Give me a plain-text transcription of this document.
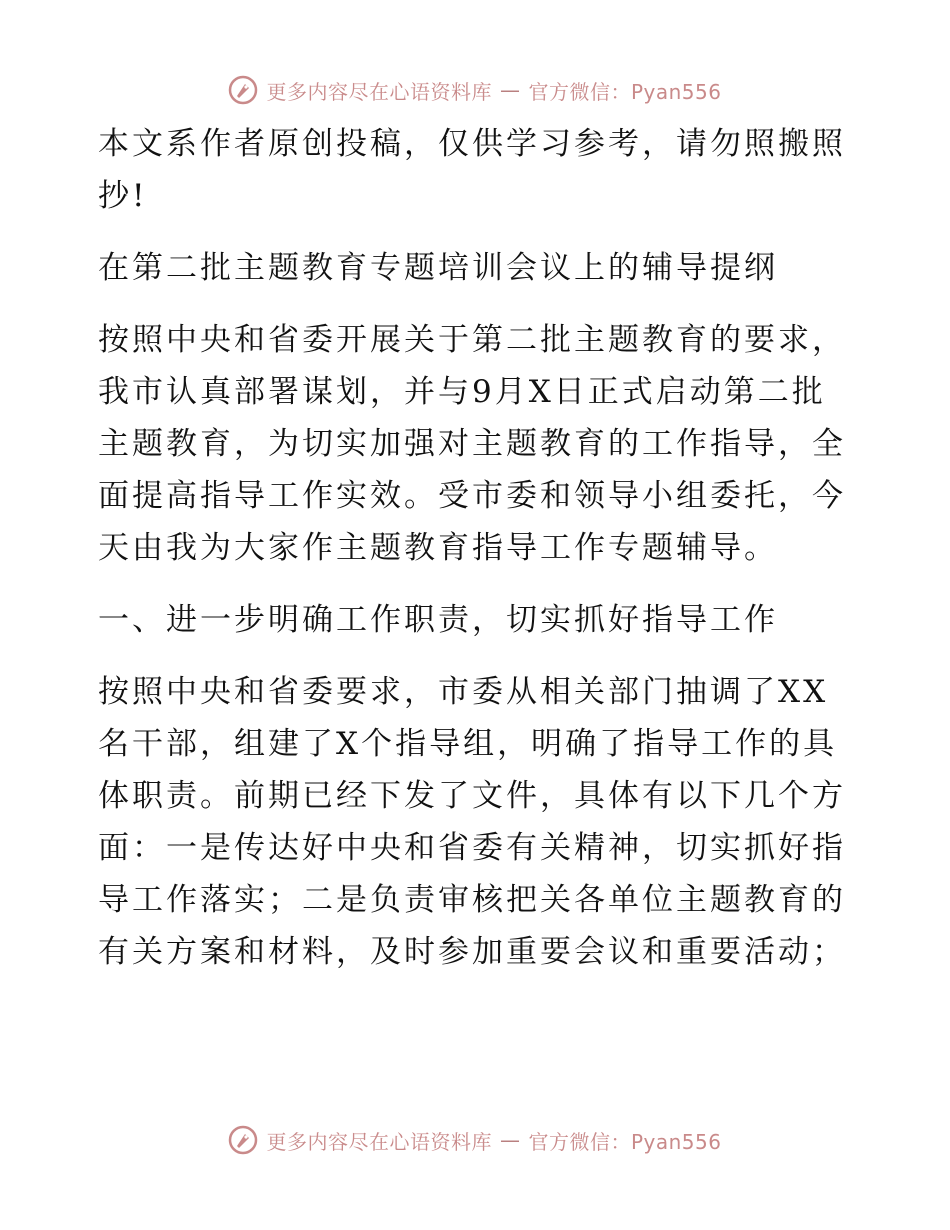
更多内容尽在心语资料库 — 官方微信：Pyan556

本文系作者原创投稿，仅供学习参考，请勿照搬照抄!

在第二批主题教育专题培训会议上的辅导提纲

按照中央和省委开展关于第二批主题教育的要求，我市认真部署谋划，并与9月X日正式启动第二批主题教育，为切实加强对主题教育的工作指导，全面提高指导工作实效。受市委和领导小组委托，今天由我为大家作主题教育指导工作专题辅导。

一、进一步明确工作职责，切实抓好指导工作

按照中央和省委要求，市委从相关部门抽调了XX名干部，组建了X个指导组，明确了指导工作的具体职责。前期已经下发了文件，具体有以下几个方面：一是传达好中央和省委有关精神，切实抓好指导工作落实；二是负责审核把关各单位主题教育的有关方案和材料，及时参加重要会议和重要活动；

更多内容尽在心语资料库 — 官方微信：Pyan556
